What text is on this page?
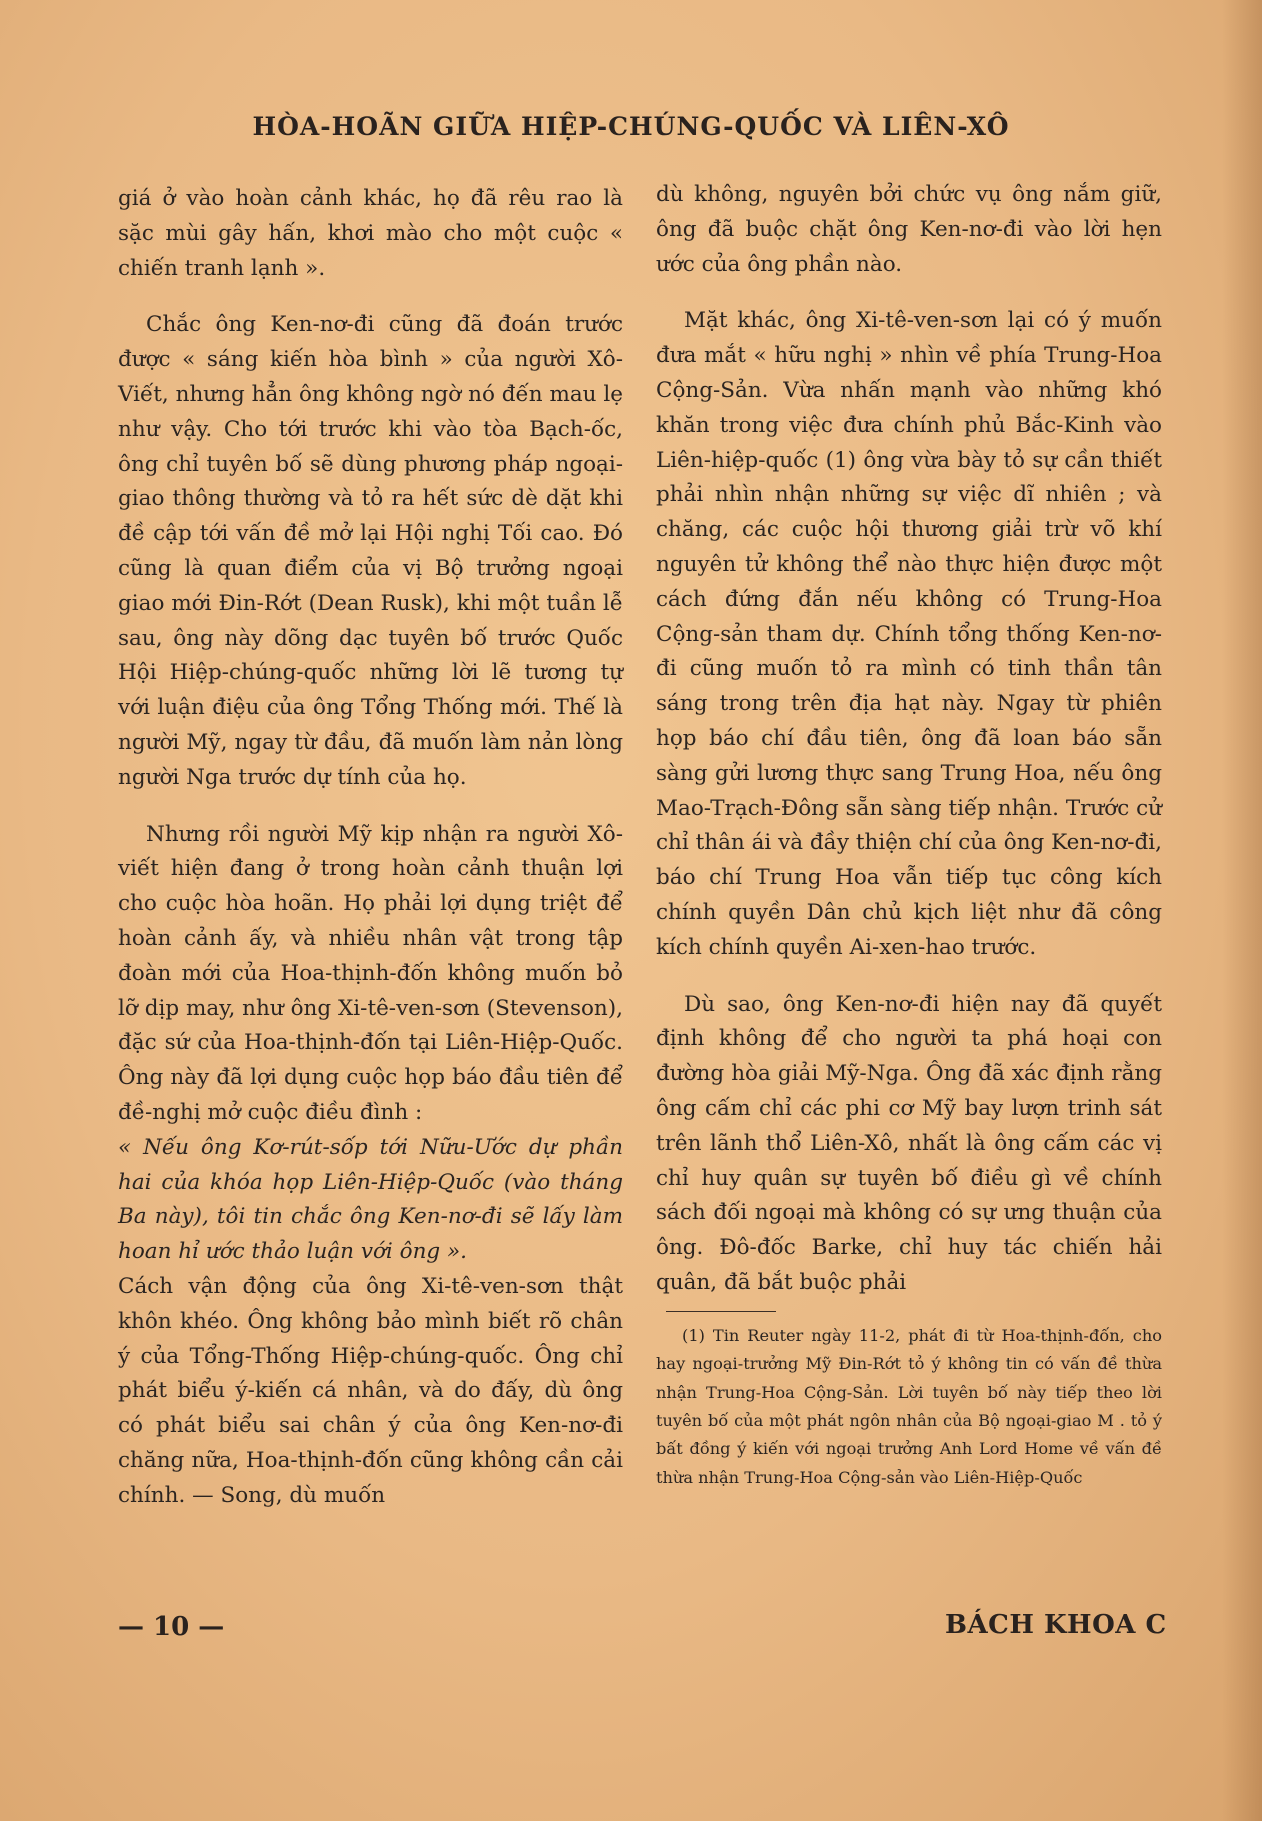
HÒA-HOÃN GIỮA HIỆP-CHÚNG-QUỐC VÀ LIÊN-XÔ

giá ở vào hoàn cảnh khác, họ đã rêu rao là sặc mùi gây hấn, khơi mào cho một cuộc « chiến tranh lạnh ».

Chắc ông Ken-nơ-đi cũng đã đoán trước được « sáng kiến hòa bình » của người Xô-Viết, nhưng hẳn ông không ngờ nó đến mau lẹ như vậy. Cho tới trước khi vào tòa Bạch-ốc, ông chỉ tuyên bố sẽ dùng phương pháp ngoại-giao thông thường và tỏ ra hết sức dè dặt khi đề cập tới vấn đề mở lại Hội nghị Tối cao. Đó cũng là quan điểm của vị Bộ trưởng ngoại giao mới Đin-Rớt (Dean Rusk), khi một tuần lễ sau, ông này dõng dạc tuyên bố trước Quốc Hội Hiệp-chúng-quốc những lời lẽ tương tự với luận điệu của ông Tổng Thống mới. Thế là người Mỹ, ngay từ đầu, đã muốn làm nản lòng người Nga trước dự tính của họ.

Nhưng rồi người Mỹ kịp nhận ra người Xô-viết hiện đang ở trong hoàn cảnh thuận lợi cho cuộc hòa hoãn. Họ phải lợi dụng triệt để hoàn cảnh ấy, và nhiều nhân vật trong tập đoàn mới của Hoa-thịnh-đốn không muốn bỏ lỡ dịp may, như ông Xi-tê-ven-sơn (Stevenson), đặc sứ của Hoa-thịnh-đốn tại Liên-Hiệp-Quốc. Ông này đã lợi dụng cuộc họp báo đầu tiên để đề-nghị mở cuộc điều đình :

« Nếu ông Kơ-rút-sốp tới Nữu-Ước dự phần hai của khóa họp Liên-Hiệp-Quốc (vào tháng Ba này), tôi tin chắc ông Ken-nơ-đi sẽ lấy làm hoan hỉ ước thảo luận với ông ».

Cách vận động của ông Xi-tê-ven-sơn thật khôn khéo. Ông không bảo mình biết rõ chân ý của Tổng-Thống Hiệp-chúng-quốc. Ông chỉ phát biểu ý-kiến cá nhân, và do đấy, dù ông có phát biểu sai chân ý của ông Ken-nơ-đi chăng nữa, Hoa-thịnh-đốn cũng không cần cải chính. — Song, dù muốn

dù không, nguyên bởi chức vụ ông nắm giữ, ông đã buộc chặt ông Ken-nơ-đi vào lời hẹn ước của ông phần nào.

Mặt khác, ông Xi-tê-ven-sơn lại có ý muốn đưa mắt « hữu nghị » nhìn về phía Trung-Hoa Cộng-Sản. Vừa nhấn mạnh vào những khó khăn trong việc đưa chính phủ Bắc-Kinh vào Liên-hiệp-quốc (1) ông vừa bày tỏ sự cần thiết phải nhìn nhận những sự việc dĩ nhiên ; và chăng, các cuộc hội thương giải trừ võ khí nguyên tử không thể nào thực hiện được một cách đứng đắn nếu không có Trung-Hoa Cộng-sản tham dự. Chính tổng thống Ken-nơ-đi cũng muốn tỏ ra mình có tinh thần tân sáng trong trên địa hạt này. Ngay từ phiên họp báo chí đầu tiên, ông đã loan báo sẵn sàng gửi lương thực sang Trung Hoa, nếu ông Mao-Trạch-Đông sẵn sàng tiếp nhận. Trước cử chỉ thân ái và đầy thiện chí của ông Ken-nơ-đi, báo chí Trung Hoa vẫn tiếp tục công kích chính quyền Dân chủ kịch liệt như đã công kích chính quyền Ai-xen-hao trước.

Dù sao, ông Ken-nơ-đi hiện nay đã quyết định không để cho người ta phá hoại con đường hòa giải Mỹ-Nga. Ông đã xác định rằng ông cấm chỉ các phi cơ Mỹ bay lượn trinh sát trên lãnh thổ Liên-Xô, nhất là ông cấm các vị chỉ huy quân sự tuyên bố điều gì về chính sách đối ngoại mà không có sự ưng thuận của ông. Đô-đốc Barke, chỉ huy tác chiến hải quân, đã bắt buộc phải

(1) Tin Reuter ngày 11-2, phát đi từ Hoa-thịnh-đốn, cho hay ngoại-trưởng Mỹ Đin-Rớt tỏ ý không tin có vấn đề thừa nhận Trung-Hoa Cộng-Sản. Lời tuyên bố này tiếp theo lời tuyên bố của một phát ngôn nhân của Bộ ngoại-giao M . tỏ ý bất đồng ý kiến với ngoại trưởng Anh Lord Home về vấn đề thừa nhận Trung-Hoa Cộng-sản vào Liên-Hiệp-Quốc
— 10 —	BÁCH KHOA C
